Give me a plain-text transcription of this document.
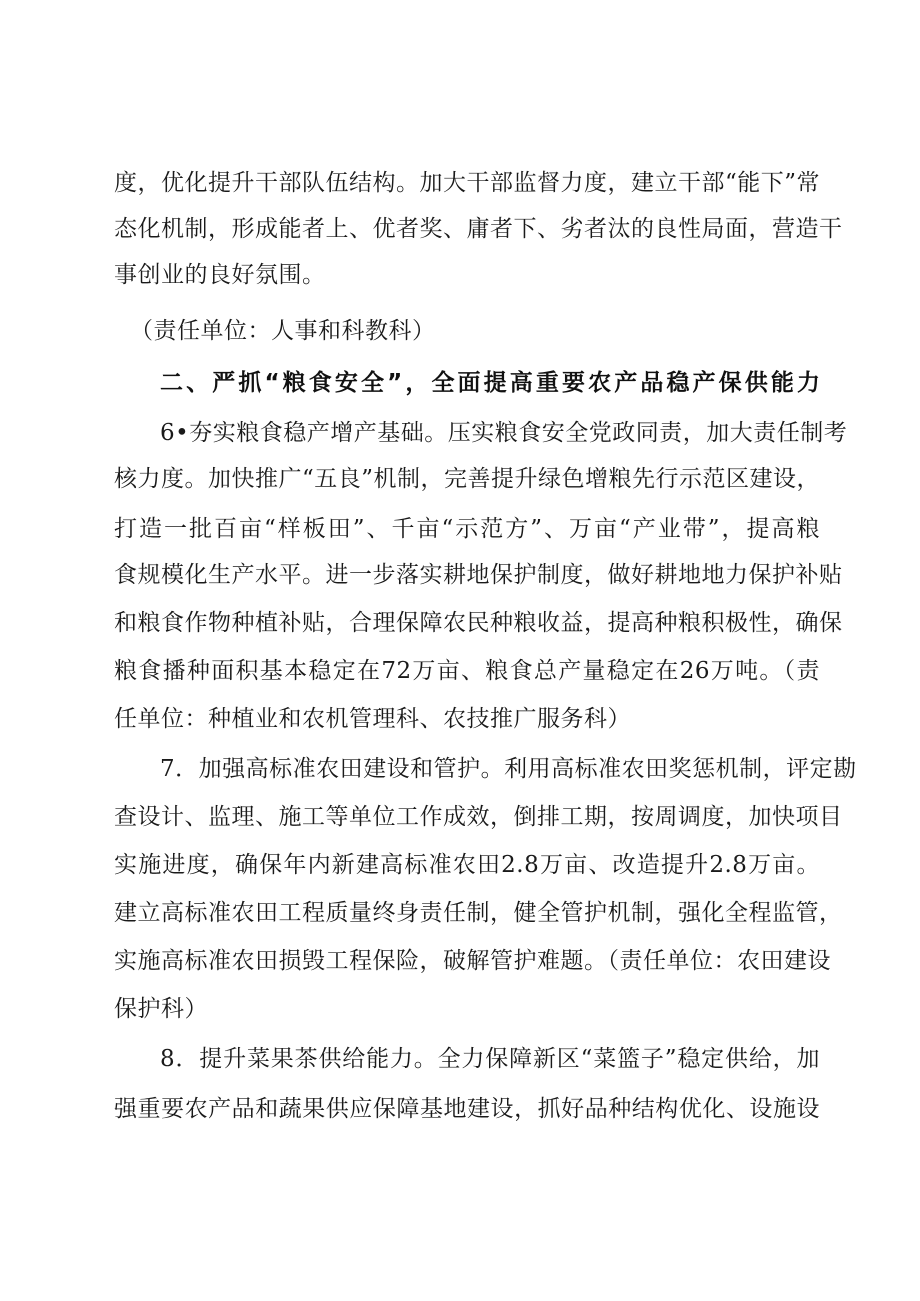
度，优化提升干部队伍结构。加大干部监督力度，建立干部“能下”常
态化机制，形成能者上、优者奖、庸者下、劣者汰的良性局面，营造干
事创业的良好氛围。
（责任单位：人事和科教科）
二、严抓“粮食安全”，全面提高重要农产品稳产保供能力
6•夯实粮食稳产增产基础。压实粮食安全党政同责，加大责任制考
核力度。加快推广“五良”机制，完善提升绿色增粮先行示范区建设，
打造一批百亩“样板田”、千亩“示范方”、万亩“产业带”，提高粮
食规模化生产水平。进一步落实耕地保护制度，做好耕地地力保护补贴
和粮食作物种植补贴，合理保障农民种粮收益，提高种粮积极性，确保
粮食播种面积基本稳定在72万亩、粮食总产量稳定在26万吨。（责
任单位：种植业和农机管理科、农技推广服务科）
7．加强高标准农田建设和管护。利用高标准农田奖惩机制，评定勘
查设计、监理、施工等单位工作成效，倒排工期，按周调度，加快项目
实施进度，确保年内新建高标准农田2.8万亩、改造提升2.8万亩。
建立高标准农田工程质量终身责任制，健全管护机制，强化全程监管，
实施高标准农田损毁工程保险，破解管护难题。（责任单位：农田建设
保护科）
8．提升菜果茶供给能力。全力保障新区“菜篮子”稳定供给，加
强重要农产品和蔬果供应保障基地建设，抓好品种结构优化、设施设
